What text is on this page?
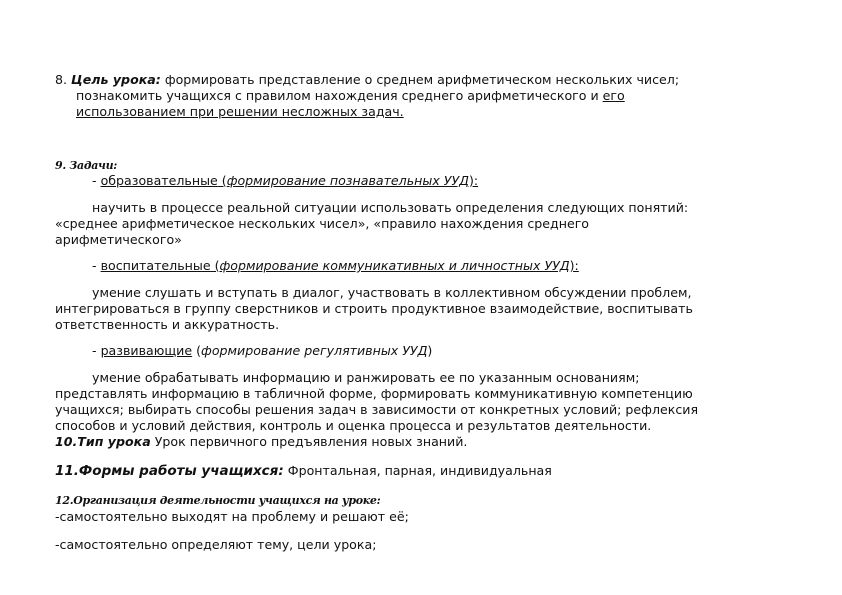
8. Цель урока: формировать представление о среднем арифметическом нескольких чисел;
познакомить учащихся с правилом нахождения среднего арифметического и его
использованием при решении несложных задач.
9. Задачи:
- образовательные (формирование познавательных УУД):
научить в процессе реальной ситуации использовать определения следующих понятий:
«среднее арифметическое нескольких чисел», «правило нахождения среднего
арифметического»
- воспитательные (формирование коммуникативных и личностных УУД):
умение слушать и вступать в диалог, участвовать в коллективном обсуждении проблем,
интегрироваться в группу сверстников и строить продуктивное взаимодействие, воспитывать
ответственность и аккуратность.
- развивающие (формирование регулятивных УУД)
умение обрабатывать информацию и ранжировать ее по указанным основаниям;
представлять информацию в табличной форме, формировать коммуникативную компетенцию
учащихся; выбирать способы решения задач в зависимости от конкретных условий; рефлексия
способов и условий действия, контроль и оценка процесса и результатов деятельности.
10.Тип урока Урок первичного предъявления новых знаний.
11.Формы работы учащихся: Фронтальная, парная, индивидуальная
12.Организация деятельности учащихся на уроке:
-самостоятельно выходят на проблему и решают её;
-самостоятельно определяют тему, цели урока;
